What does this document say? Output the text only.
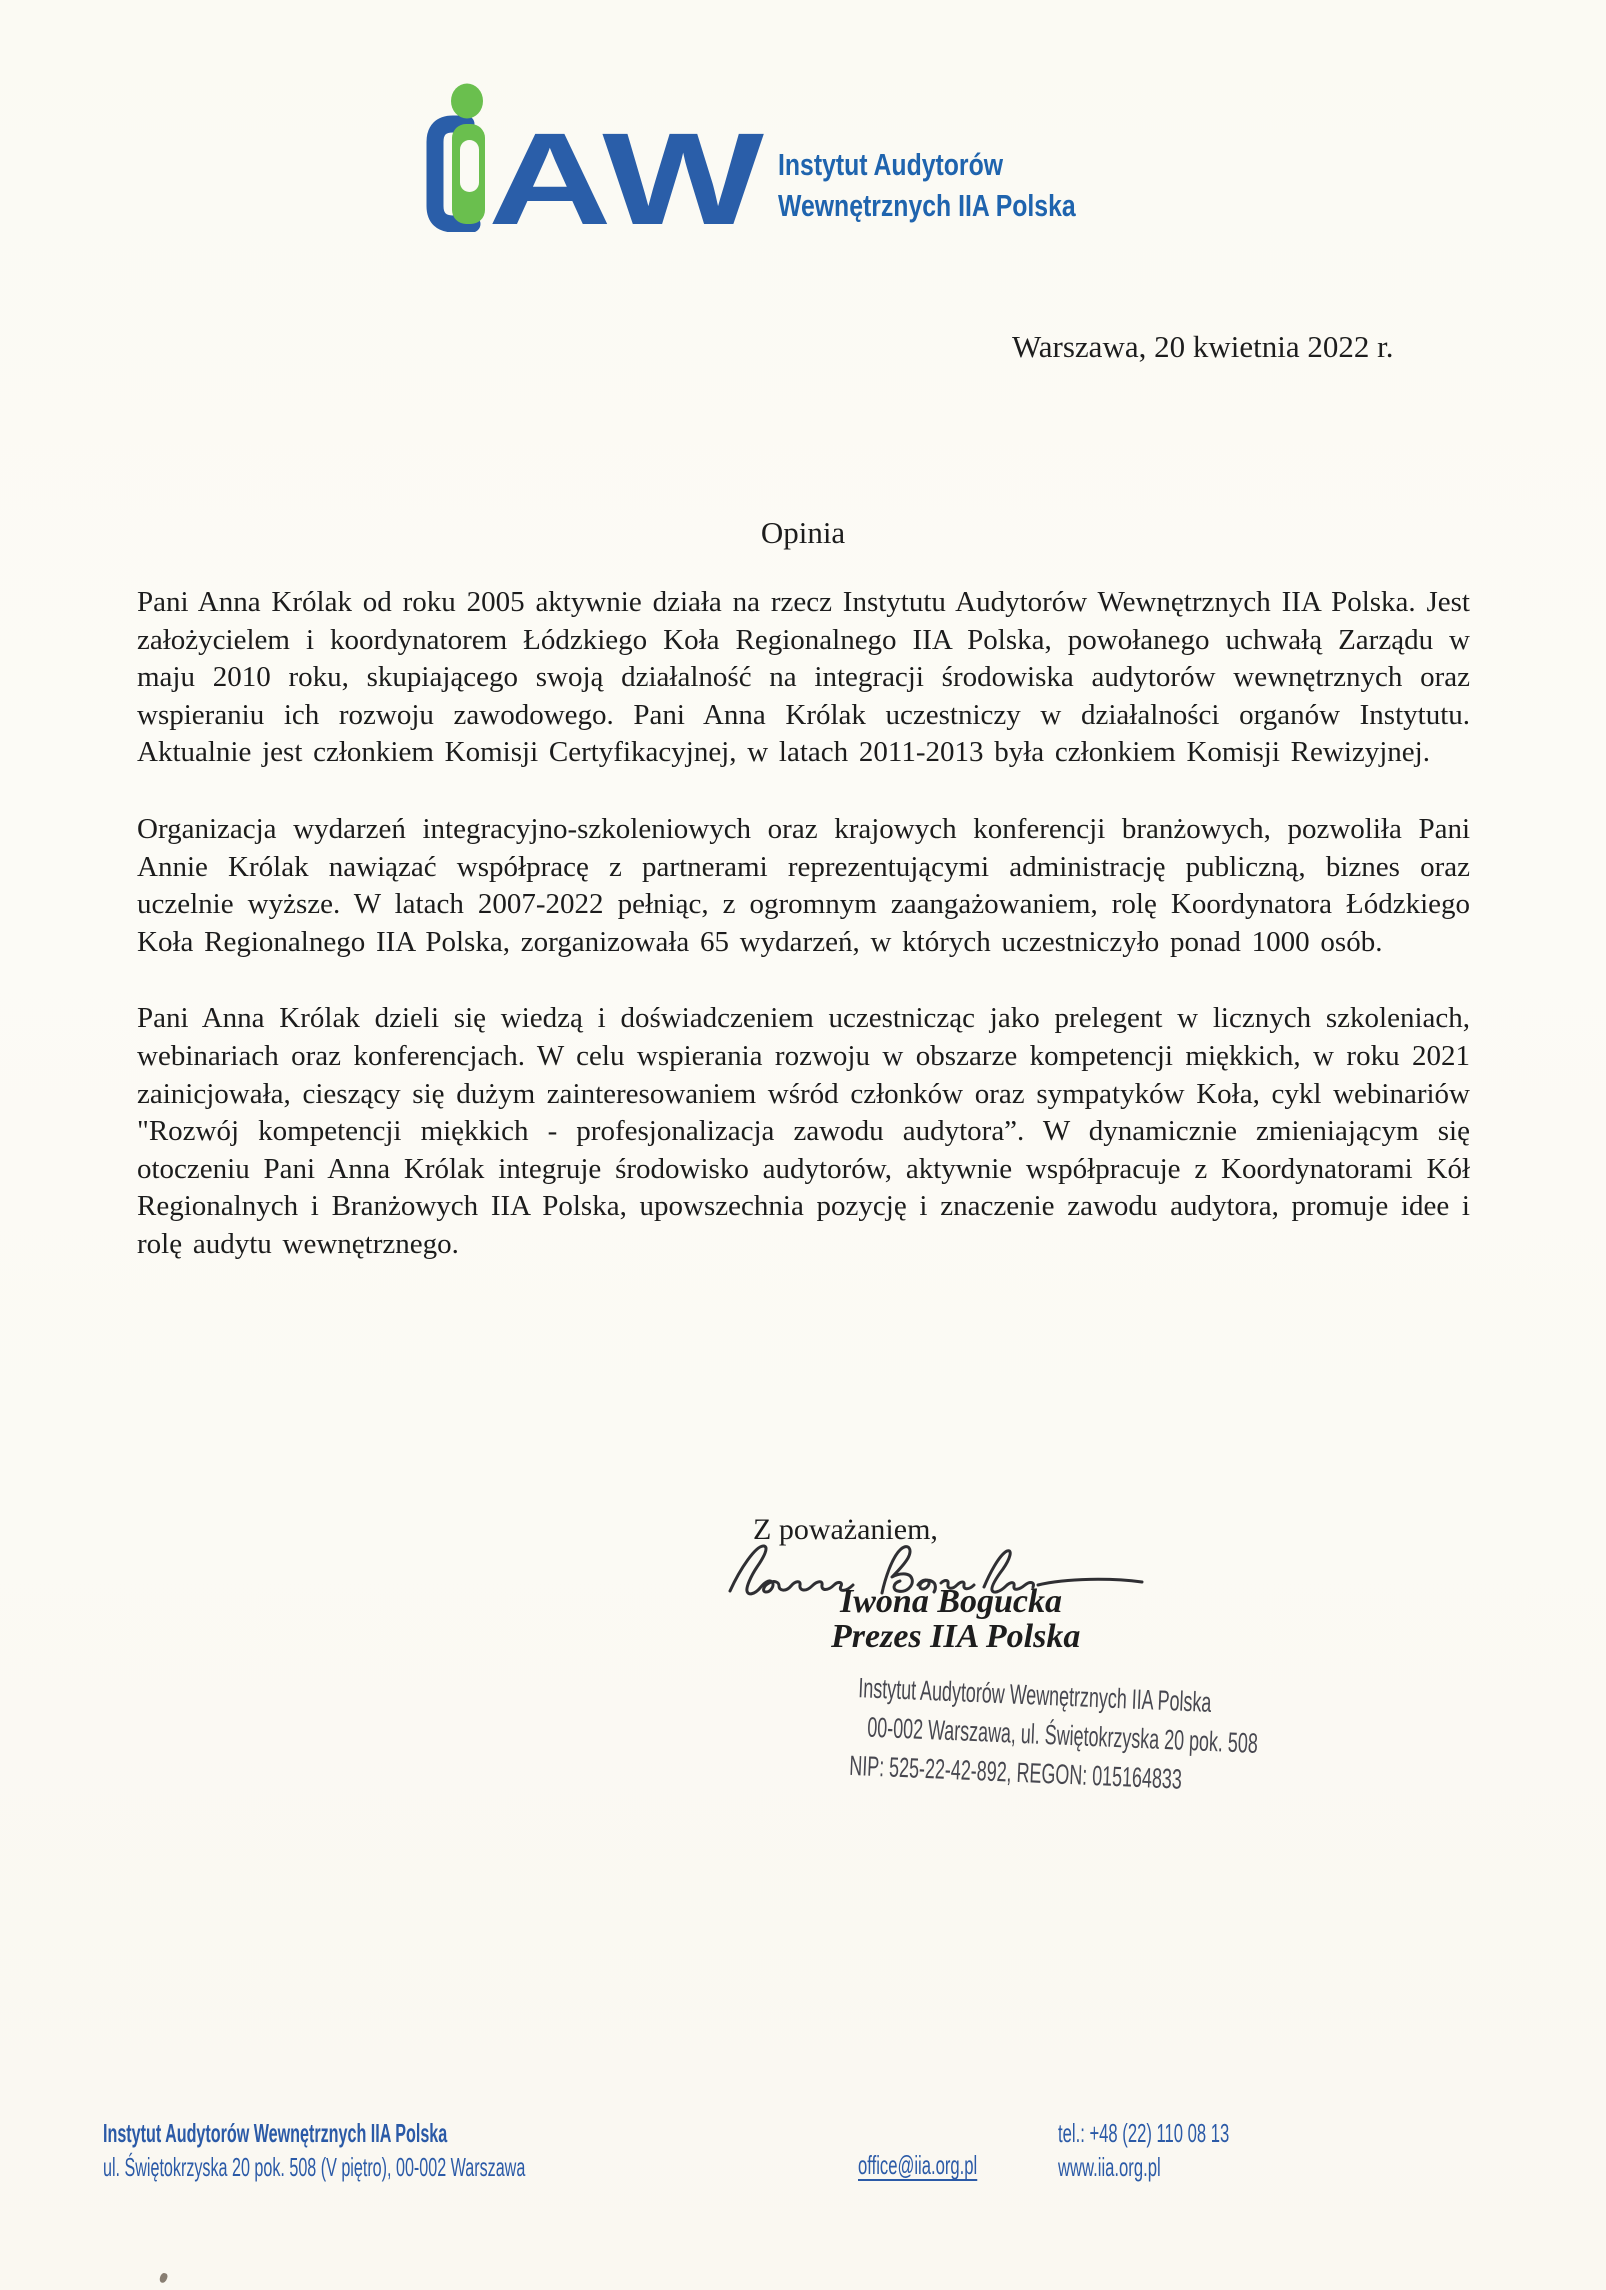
AW Instytut Audytorów
Wewnętrznych IIA Polska
Warszawa, 20 kwietnia 2022 r.
Opinia

Pani Anna Królak od roku 2005 aktywnie działa na rzecz Instytutu Audytorów Wewnętrznych IIA Polska. Jest założycielem i koordynatorem Łódzkiego Koła Regionalnego IIA Polska, powołanego uchwałą Zarządu w maju 2010 roku, skupiającego swoją działalność na integracji środowiska audytorów wewnętrznych oraz wspieraniu ich rozwoju zawodowego. Pani Anna Królak uczestniczy w działalności organów Instytutu. Aktualnie jest członkiem Komisji Certyfikacyjnej, w latach 2011-2013 była członkiem Komisji Rewizyjnej.

Organizacja wydarzeń integracyjno-szkoleniowych oraz krajowych konferencji branżowych, pozwoliła Pani Annie Królak nawiązać współpracę z partnerami reprezentującymi administrację publiczną, biznes oraz uczelnie wyższe. W latach 2007-2022 pełniąc, z ogromnym zaangażowaniem, rolę Koordynatora Łódzkiego Koła Regionalnego IIA Polska, zorganizowała 65 wydarzeń, w których uczestniczyło ponad 1000 osób.

Pani Anna Królak dzieli się wiedzą i doświadczeniem uczestnicząc jako prelegent w licznych szkoleniach, webinariach oraz konferencjach. W celu wspierania rozwoju w obszarze kompetencji miękkich, w roku 2021 zainicjowała, cieszący się dużym zainteresowaniem wśród członków oraz sympatyków Koła, cykl webinariów "Rozwój kompetencji miękkich - profesjonalizacja zawodu audytora”. W dynamicznie zmieniającym się otoczeniu Pani Anna Królak integruje środowisko audytorów, aktywnie współpracuje z Koordynatorami Kół Regionalnych i Branżowych IIA Polska, upowszechnia pozycję i znaczenie zawodu audytora, promuje idee i rolę audytu wewnętrznego.

Z poważaniem,
Iwona Bogucka
Prezes IIA Polska
Instytut Audytorów Wewnętrznych IIA Polska
00-002 Warszawa, ul. Świętokrzyska 20 pok. 508
NIP: 525-22-42-892, REGON: 015164833
Instytut Audytorów Wewnętrznych IIA Polska
ul. Świętokrzyska 20 pok. 508 (V piętro), 00-002 Warszawa	office@iia.org.pl
tel.: +48 (22) 110 08 13
www.iia.org.pl
